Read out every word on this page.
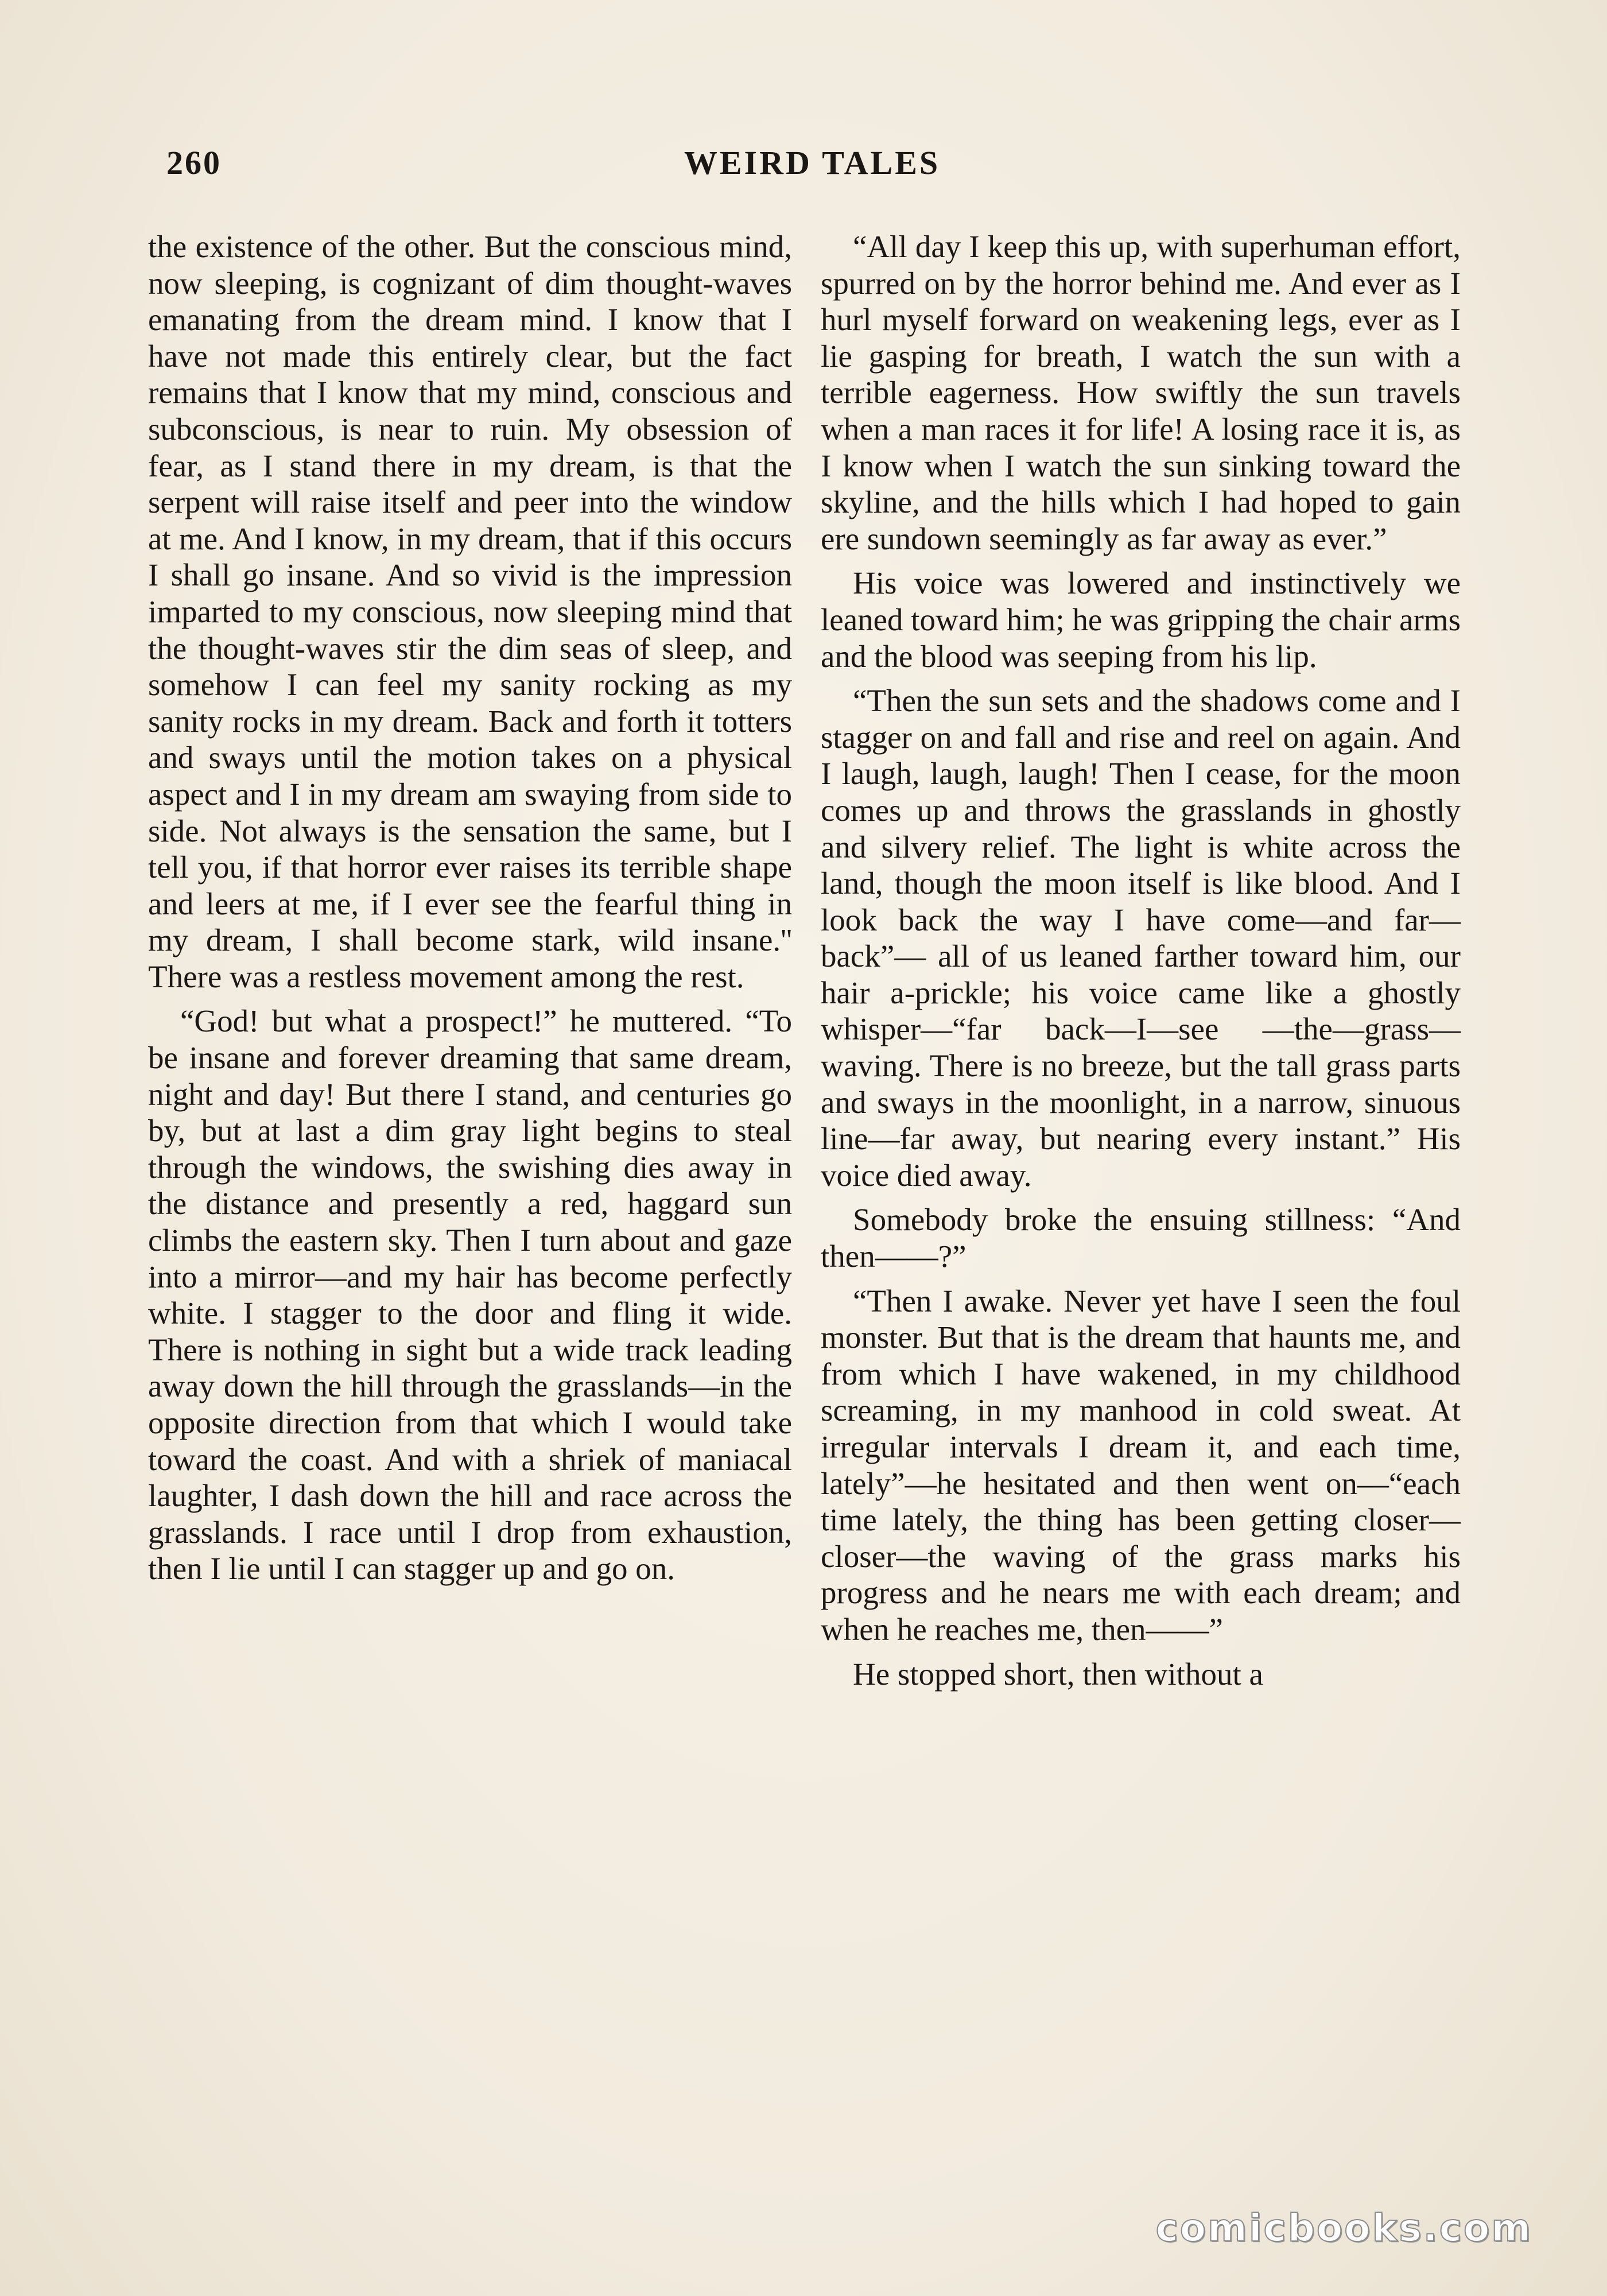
260	WEIRD TALES

the existence of the other. But the conscious mind, now sleeping, is cognizant of dim thought-waves emanating from the dream mind. I know that I have not made this entirely clear, but the fact remains that I know that my mind, conscious and subconscious, is near to ruin. My obsession of fear, as I stand there in my dream, is that the serpent will raise itself and peer into the window at me. And I know, in my dream, that if this occurs I shall go insane. And so vivid is the impression imparted to my conscious, now sleeping mind that the thought-waves stir the dim seas of sleep, and somehow I can feel my sanity rocking as my sanity rocks in my dream. Back and forth it totters and sways until the motion takes on a physical aspect and I in my dream am swaying from side to side. Not always is the sensation the same, but I tell you, if that horror ever raises its terrible shape and leers at me, if I ever see the fearful thing in my dream, I shall become stark, wild insane.'' There was a restless movement among the rest.

“God! but what a prospect!” he muttered. “To be insane and forever dreaming that same dream, night and day! But there I stand, and centuries go by, but at last a dim gray light begins to steal through the windows, the swishing dies away in the distance and presently a red, haggard sun climbs the eastern sky. Then I turn about and gaze into a mirror—and my hair has become perfectly white. I stagger to the door and fling it wide. There is nothing in sight but a wide track leading away down the hill through the grasslands—in the opposite direction from that which I would take toward the coast. And with a shriek of maniacal laughter, I dash down the hill and race across the grasslands. I race until I drop from exhaustion, then I lie until I can stagger up and go on.

“All day I keep this up, with superhuman effort, spurred on by the horror behind me. And ever as I hurl myself forward on weakening legs, ever as I lie gasping for breath, I watch the sun with a terrible eagerness. How swiftly the sun travels when a man races it for life! A losing race it is, as I know when I watch the sun sinking toward the skyline, and the hills which I had hoped to gain ere sundown seemingly as far away as ever.”

His voice was lowered and instinctively we leaned toward him; he was gripping the chair arms and the blood was seeping from his lip.

“Then the sun sets and the shadows come and I stagger on and fall and rise and reel on again. And I laugh, laugh, laugh! Then I cease, for the moon comes up and throws the grasslands in ghostly and silvery relief. The light is white across the land, though the moon itself is like blood. And I look back the way I have come—and far—back”— all of us leaned farther toward him, our hair a-prickle; his voice came like a ghostly whisper—“far back—I—see —the—grass—waving. There is no breeze, but the tall grass parts and sways in the moonlight, in a narrow, sinuous line—far away, but nearing every instant.” His voice died away.

Somebody broke the ensuing stillness: “And then——?”

“Then I awake. Never yet have I seen the foul monster. But that is the dream that haunts me, and from which I have wakened, in my childhood screaming, in my manhood in cold sweat. At irregular intervals I dream it, and each time, lately”—he hesitated and then went on—“each time lately, the thing has been getting closer—closer—the waving of the grass marks his progress and he nears me with each dream; and when he reaches me, then——”

He stopped short, then without a

comicbooks.com
